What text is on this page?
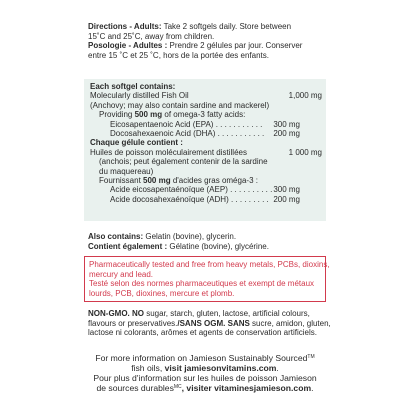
Directions - Adults: Take 2 softgels daily. Store between
15˚C and 25˚C, away from children.
Posologie - Adultes : Prendre 2 gélules par jour. Conserver
entre 15 ˚C et 25 ˚C, hors de la portée des enfants.
Each softgel contains:
Molecularly distilled Fish Oil	1,000 mg
(Anchovy; may also contain sardine and mackerel)
Providing 500 mg of omega-3 fatty acids:
Eicosapentaenoic Acid (EPA) . . . . . . . . . . . 300 mg
Docosahexaenoic Acid (DHA) . . . . . . . . . . . 200 mg
Chaque gélule contient :
Huiles de poisson moléculairement distillées	1 000 mg
(anchois; peut également contenir de la sardine
du maquereau)
Fournissant 500 mg d'acides gras oméga-3 :
Acide eicosapentaénoïque (AEP) . . . . . . . . . . 300 mg
Acide docosahexaénoïque (ADH) . . . . . . . . . 200 mg
Also contains: Gelatin (bovine), glycerin.
Contient également : Gélatine (bovine), glycérine.
Pharmaceutically tested and free from heavy metals, PCBs, dioxins,
mercury and lead.
Testé selon des normes pharmaceutiques et exempt de métaux
lourds, PCB, dioxines, mercure et plomb.
NON-GMO. NO sugar, starch, gluten, lactose, artificial colours,
flavours or preservatives./SANS OGM. SANS sucre, amidon, gluten,
lactose ni colorants, arômes et agents de conservation artificiels.
For more information on Jamieson Sustainably Sourced™
fish oils, visit jamiesonvitamins.com.
Pour plus d'information sur les huiles de poisson Jamieson
de sources durables$^{MC}$, visiter vitaminesjamieson.com.
